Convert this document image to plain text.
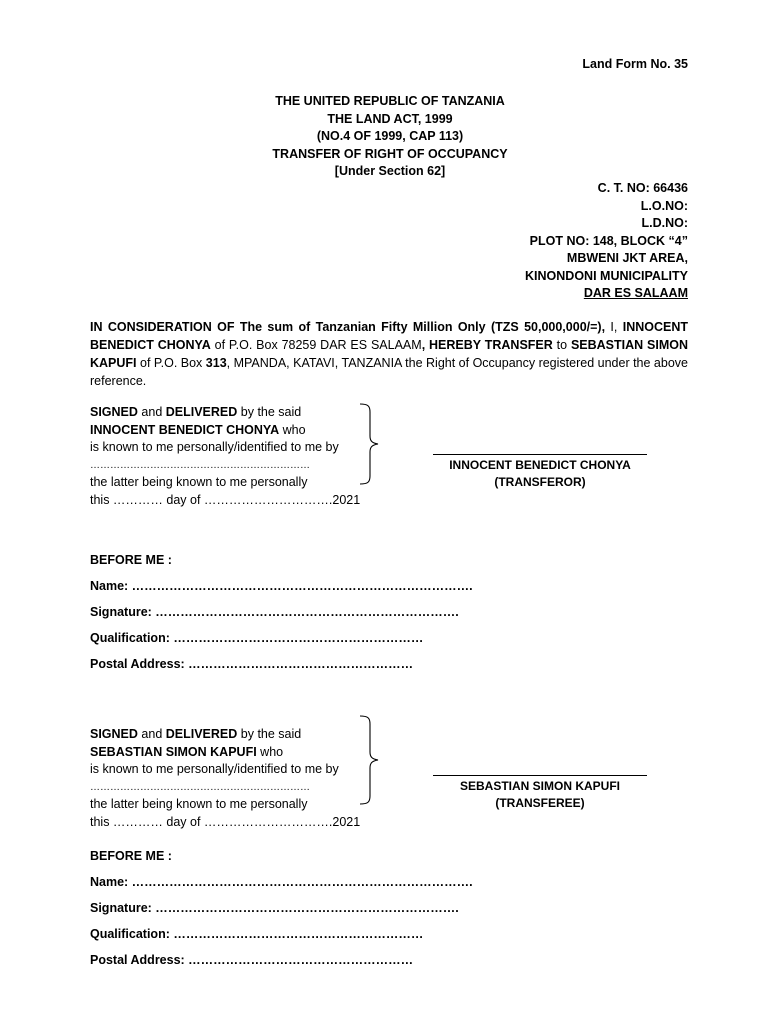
Land Form No. 35
THE UNITED REPUBLIC OF TANZANIA
THE LAND ACT, 1999
(NO.4 OF 1999, CAP 113)
TRANSFER OF RIGHT OF OCCUPANCY
[Under Section 62]
C. T. NO: 66436
L.O.NO:
L.D.NO:
PLOT NO: 148, BLOCK “4”
MBWENI JKT AREA,
KINONDONI MUNICIPALITY
DAR ES SALAAM
IN CONSIDERATION OF The sum of Tanzanian Fifty Million Only (TZS 50,000,000/=), I, INNOCENT BENEDICT CHONYA of P.O. Box 78259 DAR ES SALAAM, HEREBY TRANSFER to SEBASTIAN SIMON KAPUFI of P.O. Box 313, MPANDA, KATAVI, TANZANIA the Right of Occupancy registered under the above reference.
SIGNED and DELIVERED by the said
INNOCENT BENEDICT CHONYA who
is known to me personally/identified to me by
…………………………………………………………
the latter being known to me personally
this ………… day of ………………………….2021
INNOCENT BENEDICT CHONYA
(TRANSFEROR)
BEFORE ME :
Name: ……………………………………………………………………….
Signature: ……………………………………………………………….
Qualification: ……………………………………………………
Postal Address: ………………………………………………
SIGNED and DELIVERED by the said
SEBASTIAN SIMON KAPUFI who
is known to me personally/identified to me by
…………………………………………………………
the latter being known to me personally
this ………… day of ………………………….2021
SEBASTIAN SIMON KAPUFI
(TRANSFEREE)
BEFORE ME :
Name: ……………………………………………………………………….
Signature: ……………………………………………………………….
Qualification: ……………………………………………………
Postal Address: ………………………………………………
